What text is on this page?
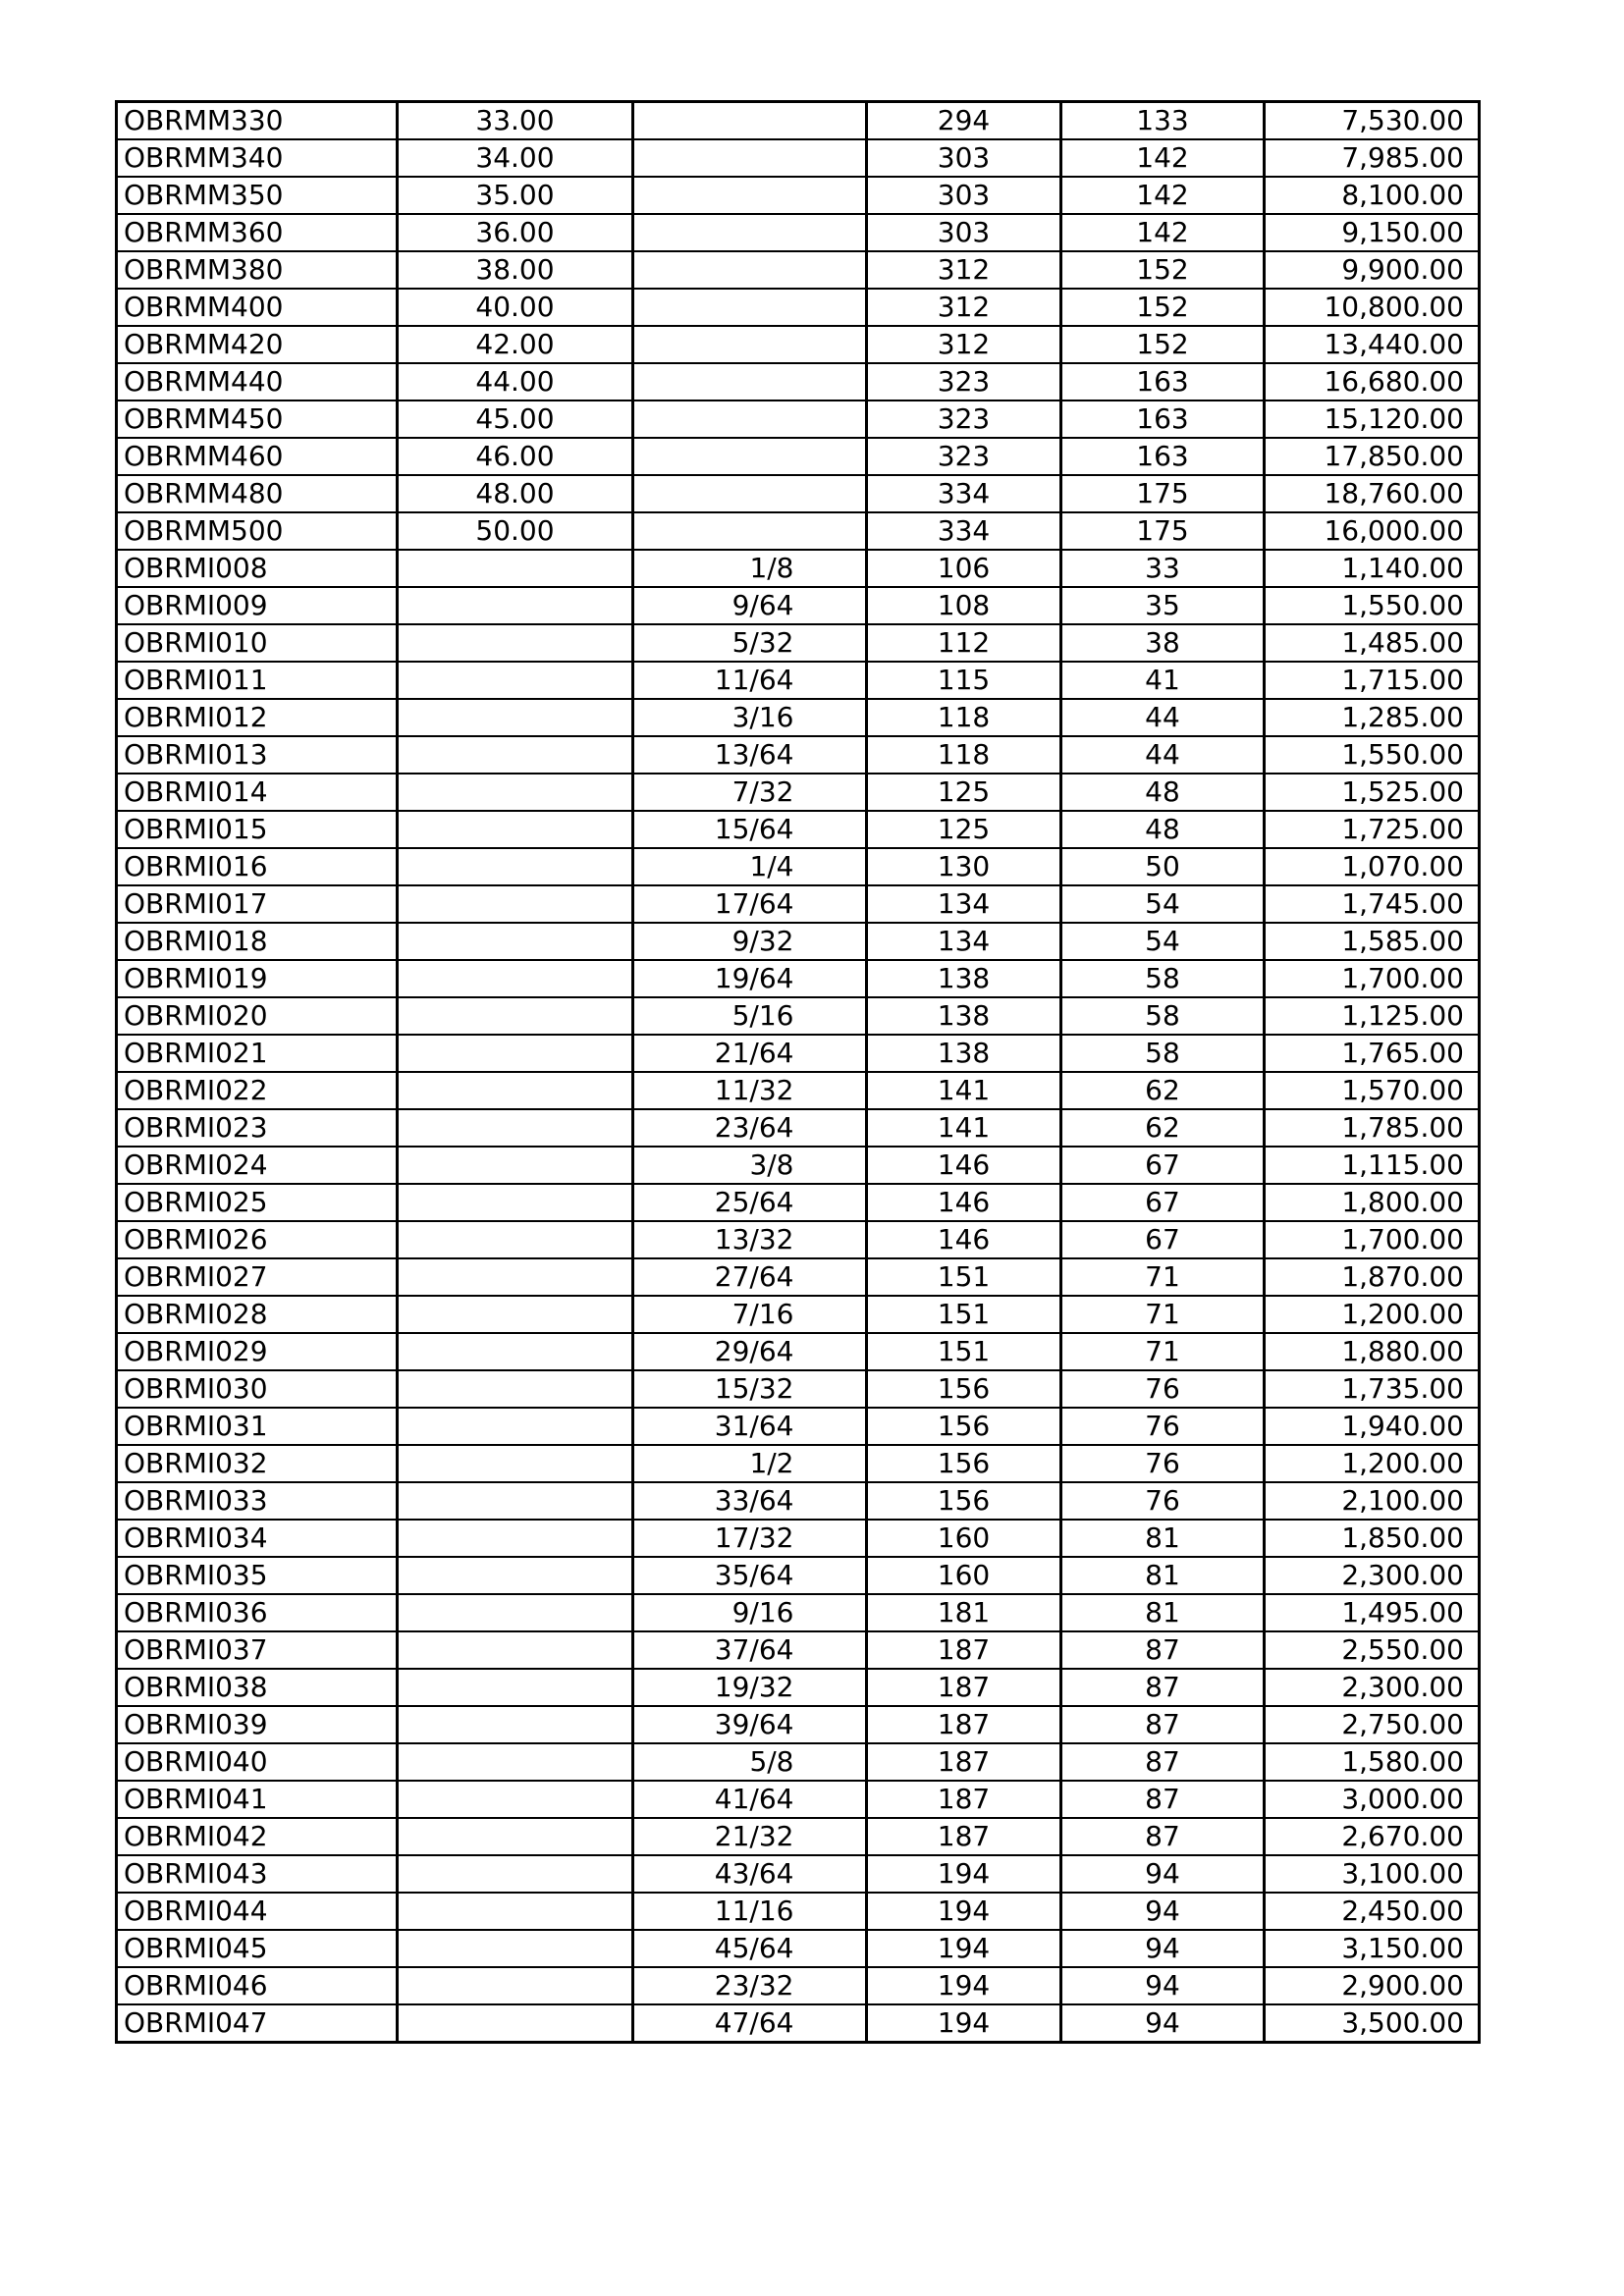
OBRMM330	33.00		294	133	7,530.00
OBRMM340	34.00		303	142	7,985.00
OBRMM350	35.00		303	142	8,100.00
OBRMM360	36.00		303	142	9,150.00
OBRMM380	38.00		312	152	9,900.00
OBRMM400	40.00		312	152	10,800.00
OBRMM420	42.00		312	152	13,440.00
OBRMM440	44.00		323	163	16,680.00
OBRMM450	45.00		323	163	15,120.00
OBRMM460	46.00		323	163	17,850.00
OBRMM480	48.00		334	175	18,760.00
OBRMM500	50.00		334	175	16,000.00
OBRMI008		1/8	106	33	1,140.00
OBRMI009		9/64	108	35	1,550.00
OBRMI010		5/32	112	38	1,485.00
OBRMI011		11/64	115	41	1,715.00
OBRMI012		3/16	118	44	1,285.00
OBRMI013		13/64	118	44	1,550.00
OBRMI014		7/32	125	48	1,525.00
OBRMI015		15/64	125	48	1,725.00
OBRMI016		1/4	130	50	1,070.00
OBRMI017		17/64	134	54	1,745.00
OBRMI018		9/32	134	54	1,585.00
OBRMI019		19/64	138	58	1,700.00
OBRMI020		5/16	138	58	1,125.00
OBRMI021		21/64	138	58	1,765.00
OBRMI022		11/32	141	62	1,570.00
OBRMI023		23/64	141	62	1,785.00
OBRMI024		3/8	146	67	1,115.00
OBRMI025		25/64	146	67	1,800.00
OBRMI026		13/32	146	67	1,700.00
OBRMI027		27/64	151	71	1,870.00
OBRMI028		7/16	151	71	1,200.00
OBRMI029		29/64	151	71	1,880.00
OBRMI030		15/32	156	76	1,735.00
OBRMI031		31/64	156	76	1,940.00
OBRMI032		1/2	156	76	1,200.00
OBRMI033		33/64	156	76	2,100.00
OBRMI034		17/32	160	81	1,850.00
OBRMI035		35/64	160	81	2,300.00
OBRMI036		9/16	181	81	1,495.00
OBRMI037		37/64	187	87	2,550.00
OBRMI038		19/32	187	87	2,300.00
OBRMI039		39/64	187	87	2,750.00
OBRMI040		5/8	187	87	1,580.00
OBRMI041		41/64	187	87	3,000.00
OBRMI042		21/32	187	87	2,670.00
OBRMI043		43/64	194	94	3,100.00
OBRMI044		11/16	194	94	2,450.00
OBRMI045		45/64	194	94	3,150.00
OBRMI046		23/32	194	94	2,900.00
OBRMI047		47/64	194	94	3,500.00
